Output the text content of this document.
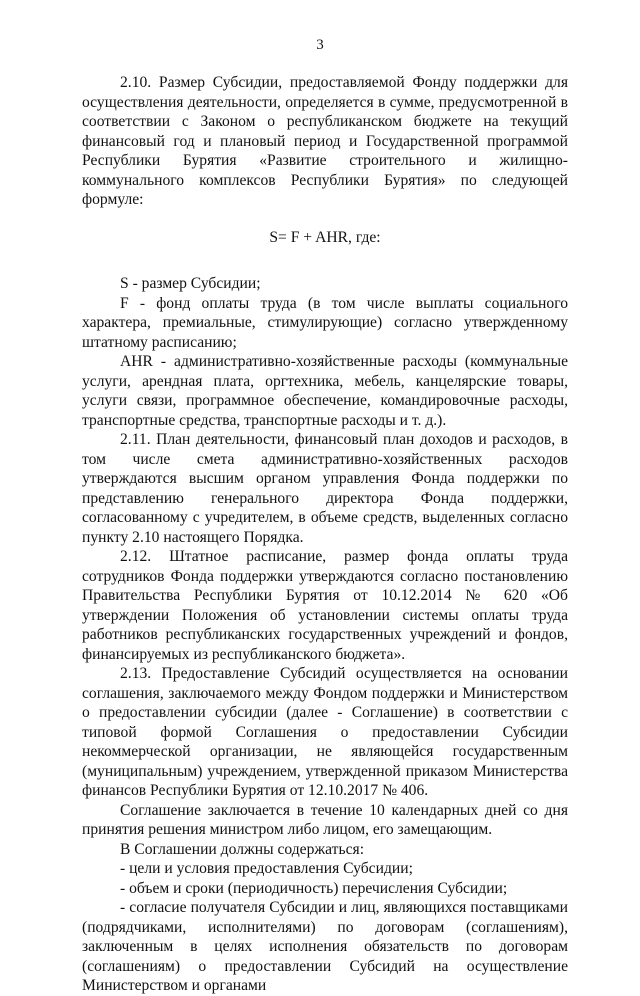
3

2.10. Размер Субсидии, предоставляемой Фонду поддержки для осуществления деятельности, определяется в сумме, предусмотренной в соответствии с Законом о республиканском бюджете на текущий финансовый год и плановый период и Государственной программой Республики Бурятия «Развитие строительного и жилищно-коммунального комплексов Республики Бурятия» по следующей формуле:

S= F + AHR, где:

S - размер Субсидии;

F - фонд оплаты труда (в том числе выплаты социального характера, премиальные, стимулирующие) согласно утвержденному штатному расписанию;

AHR - административно-хозяйственные расходы (коммунальные услуги, арендная плата, оргтехника, мебель, канцелярские товары, услуги связи, программное обеспечение, командировочные расходы, транспортные средства, транспортные расходы и т. д.).

2.11. План деятельности, финансовый план доходов и расходов, в том числе смета административно-хозяйственных расходов утверждаются высшим органом управления Фонда поддержки по представлению генерального директора Фонда поддержки, согласованному с учредителем, в объеме средств, выделенных согласно пункту 2.10 настоящего Порядка.

2.12. Штатное расписание, размер фонда оплаты труда сотрудников Фонда поддержки утверждаются согласно постановлению Правительства Республики Бурятия от 10.12.2014 № 620 «Об утверждении Положения об установлении системы оплаты труда работников республиканских государственных учреждений и фондов, финансируемых из республиканского бюджета».

2.13. Предоставление Субсидий осуществляется на основании соглашения, заключаемого между Фондом поддержки и Министерством о предоставлении субсидии (далее - Соглашение) в соответствии с типовой формой Соглашения о предоставлении Субсидии некоммерческой организации, не являющейся государственным (муниципальным) учреждением, утвержденной приказом Министерства финансов Республики Бурятия от 12.10.2017 № 406.

Соглашение заключается в течение 10 календарных дней со дня принятия решения министром либо лицом, его замещающим.

В Соглашении должны содержаться:

- цели и условия предоставления Субсидии;

- объем и сроки (периодичность) перечисления Субсидии;

- согласие получателя Субсидии и лиц, являющихся поставщиками (подрядчиками, исполнителями) по договорам (соглашениям), заключенным в целях исполнения обязательств по договорам (соглашениям) о предоставлении Субсидий на осуществление Министерством и органами
